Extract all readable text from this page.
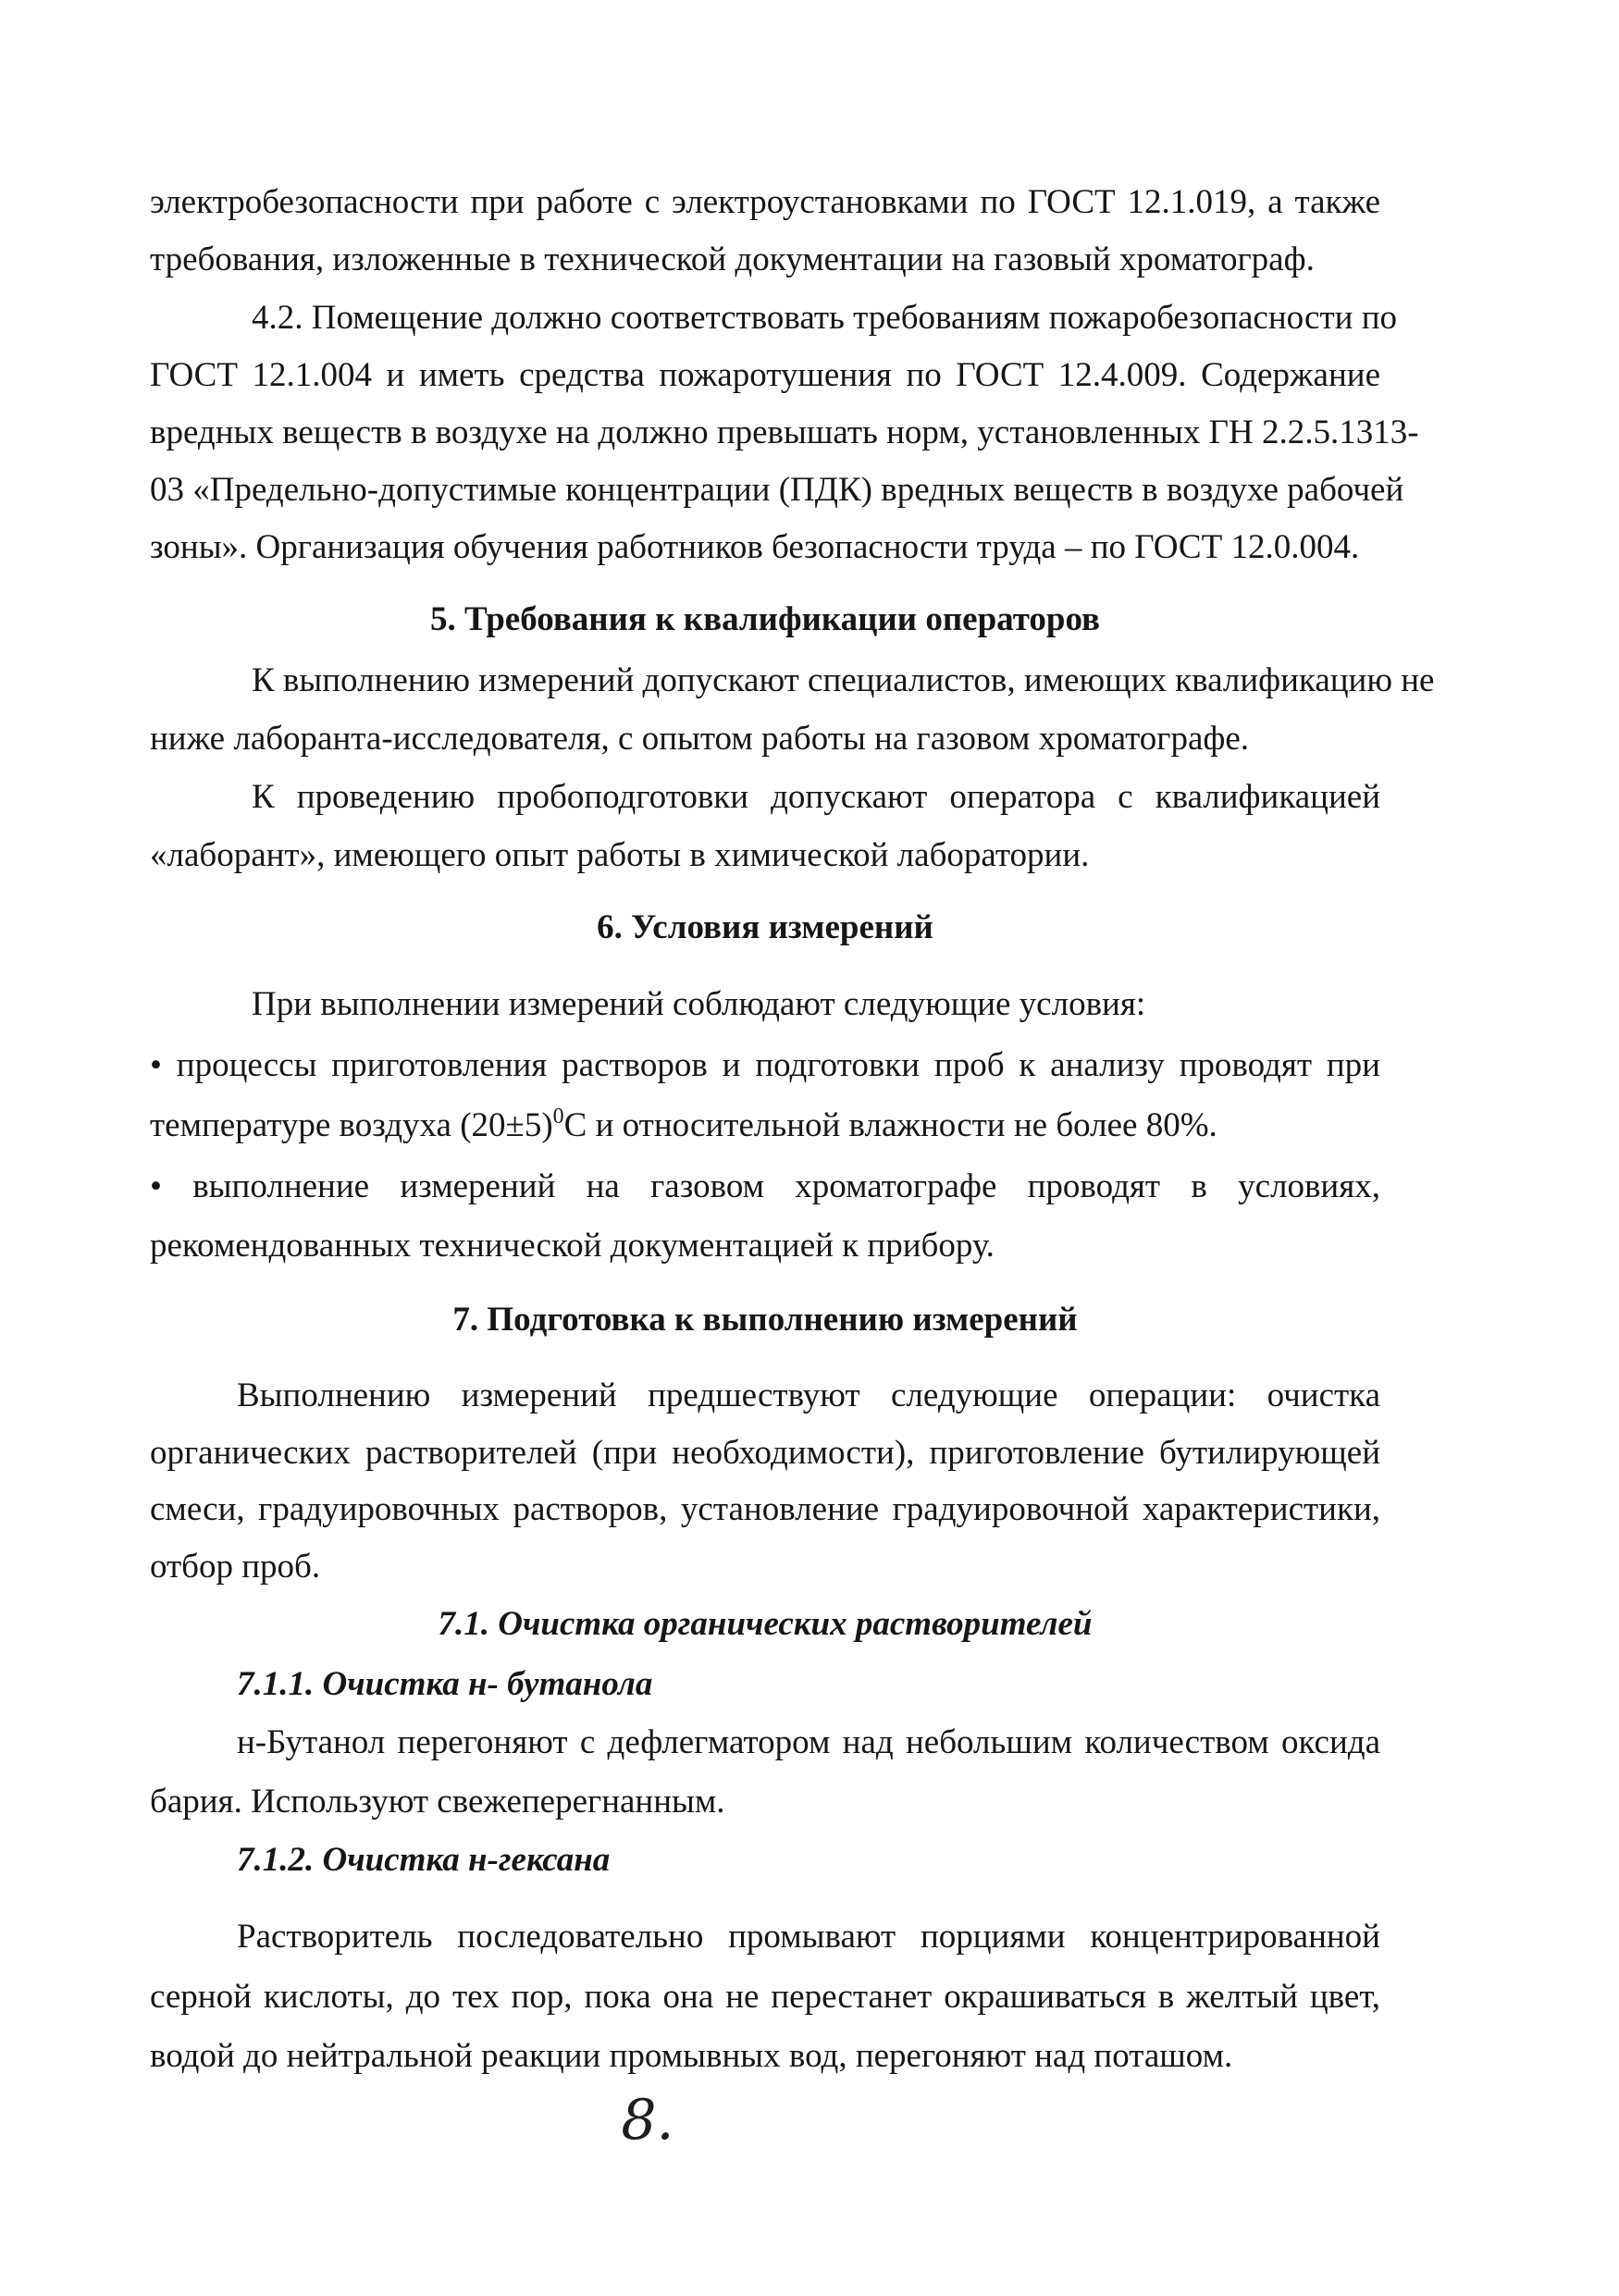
электробезопасности при работе с электроустановками по ГОСТ 12.1.019, а также
требования, изложенные в технической документации на газовый хроматограф.
4.2. Помещение должно соответствовать требованиям пожаробезопасности по
ГОСТ 12.1.004 и иметь средства пожаротушения по ГОСТ 12.4.009. Содержание
вредных веществ в воздухе на должно превышать норм, установленных ГН 2.2.5.1313-
03 «Предельно-допустимые концентрации (ПДК) вредных веществ в воздухе рабочей
зоны». Организация обучения работников безопасности труда – по ГОСТ 12.0.004.
5. Требования к квалификации операторов
К выполнению измерений допускают специалистов, имеющих квалификацию не
ниже лаборанта-исследователя, с опытом работы на газовом хроматографе.
К проведению пробоподготовки допускают оператора с квалификацией
«лаборант», имеющего опыт работы в химической лаборатории.
6. Условия измерений
При выполнении измерений соблюдают следующие условия:
• процессы приготовления растворов и подготовки проб к анализу проводят при
температуре воздуха $(20\pm 5)^0С$ и относительной влажности не более 80%.
• выполнение измерений на газовом хроматографе проводят в условиях,
рекомендованных технической документацией к прибору.
7. Подготовка к выполнению измерений
Выполнению измерений предшествуют следующие операции: очистка
органических растворителей (при необходимости), приготовление бутилирующей
смеси, градуировочных растворов, установление градуировочной характеристики,
отбор проб.
7.1. Очистка органических растворителей
7.1.1. Очистка н- бутанола
н-Бутанол перегоняют с дефлегматором над небольшим количеством оксида
бария. Используют свежеперегнанным.
7.1.2. Очистка н-гексана
Растворитель последовательно промывают порциями концентрированной
серной кислоты, до тех пор, пока она не перестанет окрашиваться в желтый цвет,
водой до нейтральной реакции промывных вод, перегоняют над поташом.
8.
